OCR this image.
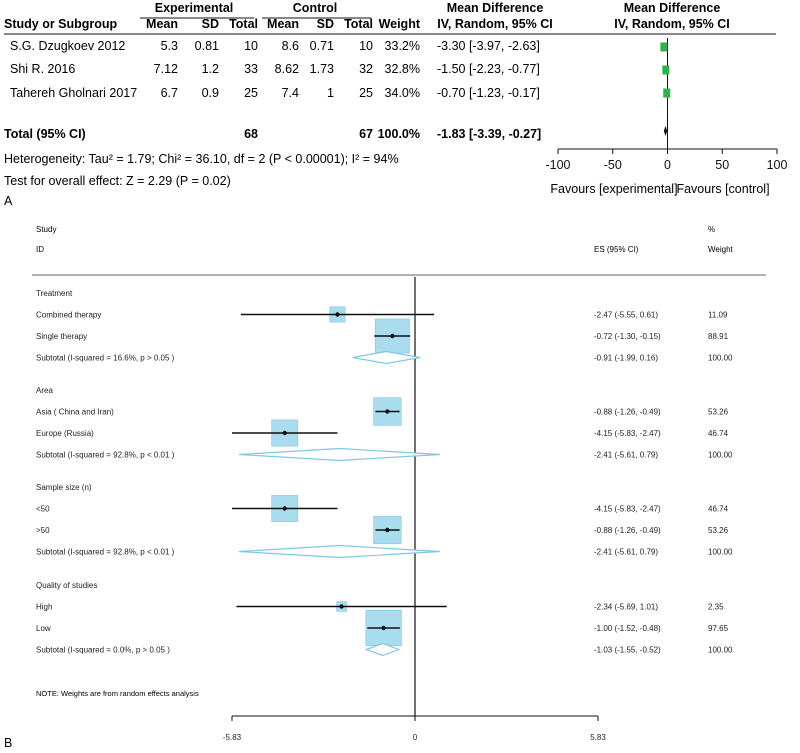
Experimental	Control	Mean Difference	Mean Difference
Study or Subgroup Mean SD Total Mean SD Total Weight IV, Random, 95% CI	IV, Random, 95% CI
S.G. Dzugkoev 2012	5.3 0.81 10 8.6 0.71 10 33.2% -3.30 [-3.97, -2.63]
Shi R. 2016	7.12 1.2 33 8.62 1.73 32 32.8% -1.50 [-2.23, -0.77]
Tahereh Gholnari 2017 6.7 0.9 25 7.4 1 25 34.0% -0.70 [-1.23, -0.17]
Total (95% CI)	68	67 100.0% -1.83 [-3.39, -0.27]
Heterogeneity: Tau² = 1.79; Chi² = 36.10, df = 2 (P < 0.00001); I² = 94%
Test for overall effect: Z = 2.29 (P = 0.02)
A
-100	-50	0	50	100
Favours [experimental]
Favours [control]
Study
ID	ES (95% CI)
%
Weight
Treatment
Combined therapy	-2.47 (-5.55, 0.61)	11.09
Single therapy	-0.72 (-1.30, -0.15)	88.91
Subtotal (I-squared = 16.6%, p > 0.05 )	-0.91 (-1.99, 0.16)	100.00
Area
Asia ( China and Iran)	-0.88 (-1.26, -0.49)	53.26
Europe (Russia)	-4.15 (-5.83, -2.47)	46.74
Subtotal (I-squared = 92.8%, p < 0.01 )	-2.41 (-5.61, 0.79)	100.00
Sample size (n)
<50	-4.15 (-5.83, -2.47)	46.74
>50	-0.88 (-1.26, -0.49)	53.26
Subtotal (I-squared = 92.8%, p < 0.01 )	-2.41 (-5.61, 0.79)	100.00
Quality of studies
High	-2.34 (-5.69, 1.01)	2.35
Low	-1.00 (-1.52, -0.48)	97.65
Subtotal (I-squared = 0.0%, p > 0.05 )	-1.03 (-1.55, -0.52)	100.00
-5.83	0	5.83
NOTE: Weights are from random effects analysis
B
